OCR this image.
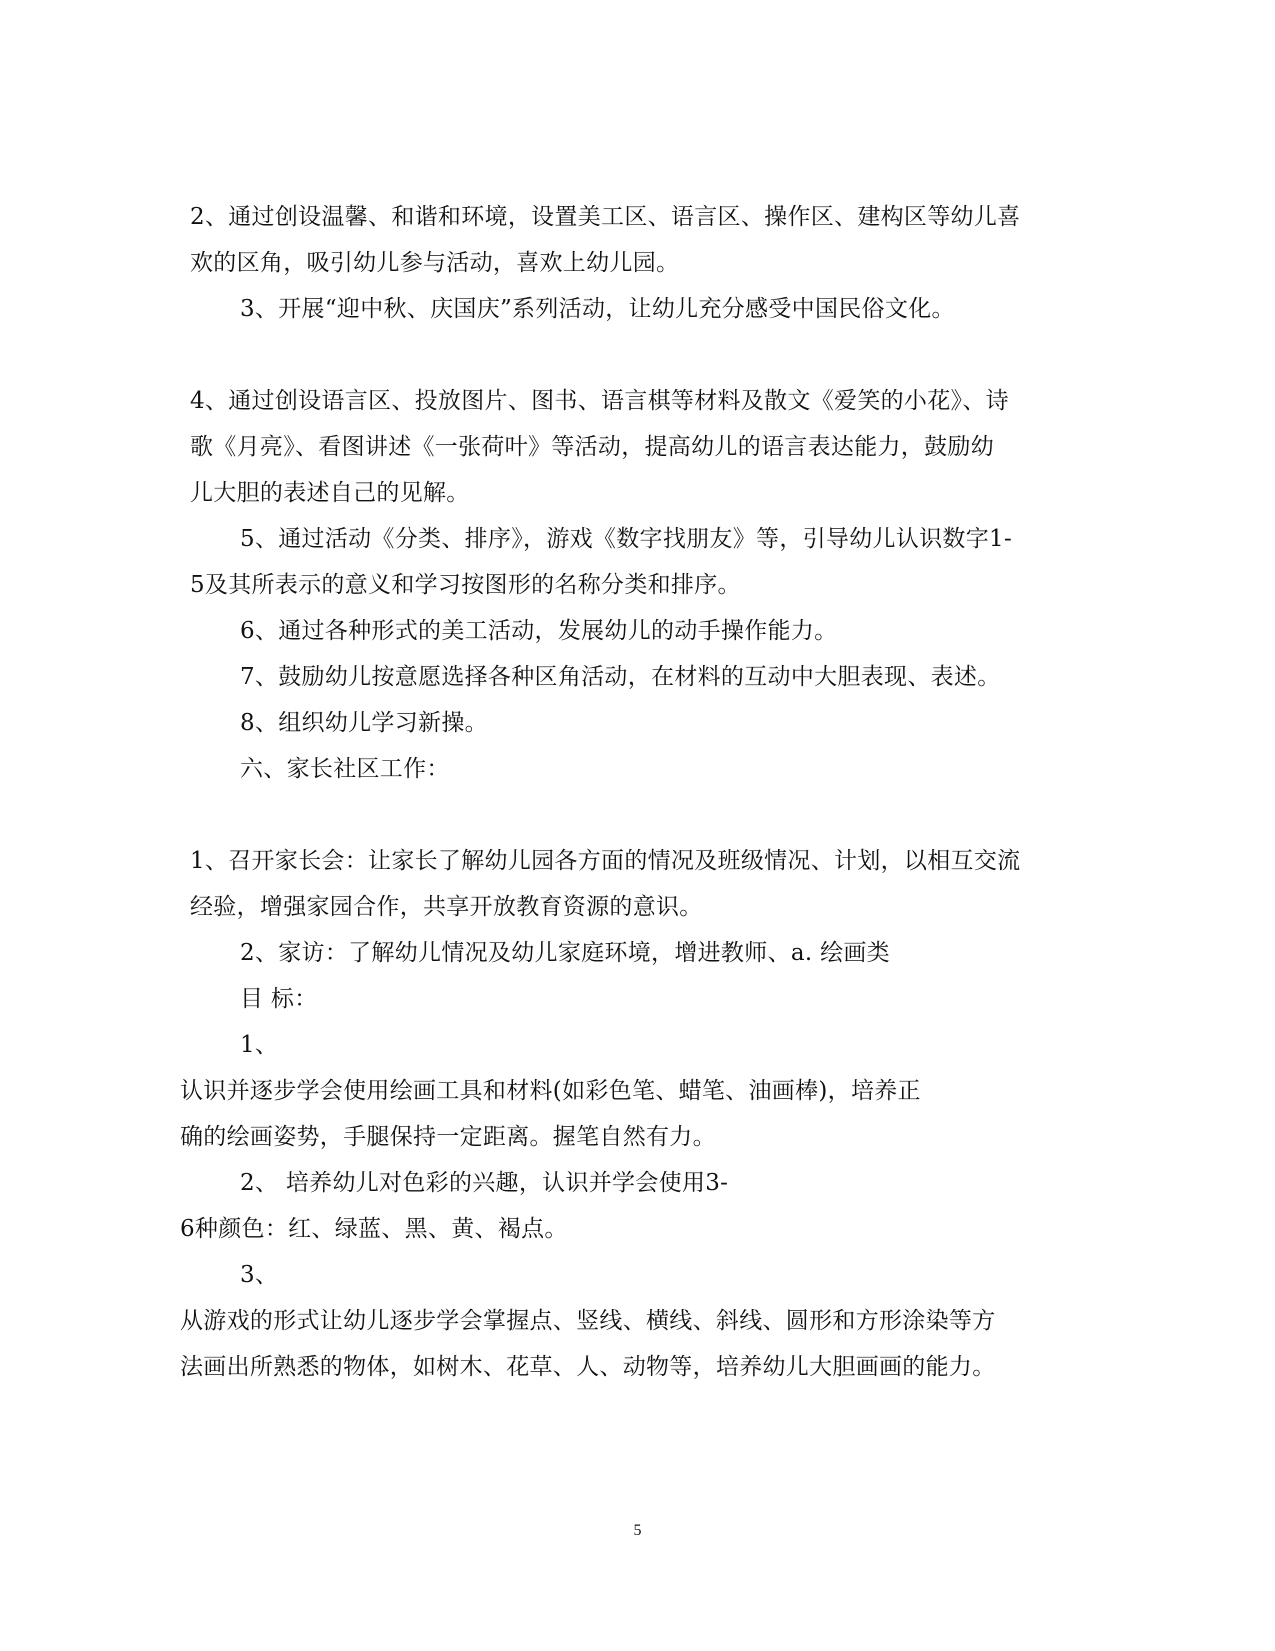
2、通过创设温馨、和谐和环境，设置美工区、语言区、操作区、建构区等幼儿喜
欢的区角，吸引幼儿参与活动，喜欢上幼儿园。
3、开展“迎中秋、庆国庆”系列活动，让幼儿充分感受中国民俗文化。
4、通过创设语言区、投放图片、图书、语言棋等材料及散文《爱笑的小花》、诗
歌《月亮》、看图讲述《一张荷叶》等活动，提高幼儿的语言表达能力，鼓励幼
儿大胆的表述自己的见解。
5、通过活动《分类、排序》，游戏《数字找朋友》等，引导幼儿认识数字1-
5及其所表示的意义和学习按图形的名称分类和排序。
6、通过各种形式的美工活动，发展幼儿的动手操作能力。
7、鼓励幼儿按意愿选择各种区角活动，在材料的互动中大胆表现、表述。
8、组织幼儿学习新操。
六、家长社区工作：
1、召开家长会：让家长了解幼儿园各方面的情况及班级情况、计划，以相互交流
经验，增强家园合作，共享开放教育资源的意识。
2、家访：了解幼儿情况及幼儿家庭环境，增进教师、a. 绘画类
目 标：
1、
认识并逐步学会使用绘画工具和材料(如彩色笔、蜡笔、油画棒)，培养正
确的绘画姿势，手腿保持一定距离。握笔自然有力。
2、 培养幼儿对色彩的兴趣，认识并学会使用3-
6种颜色：红、绿蓝、黑、黄、褐点。
3、
从游戏的形式让幼儿逐步学会掌握点、竖线、横线、斜线、圆形和方形涂染等方
法画出所熟悉的物体，如树木、花草、人、动物等，培养幼儿大胆画画的能力。
5
